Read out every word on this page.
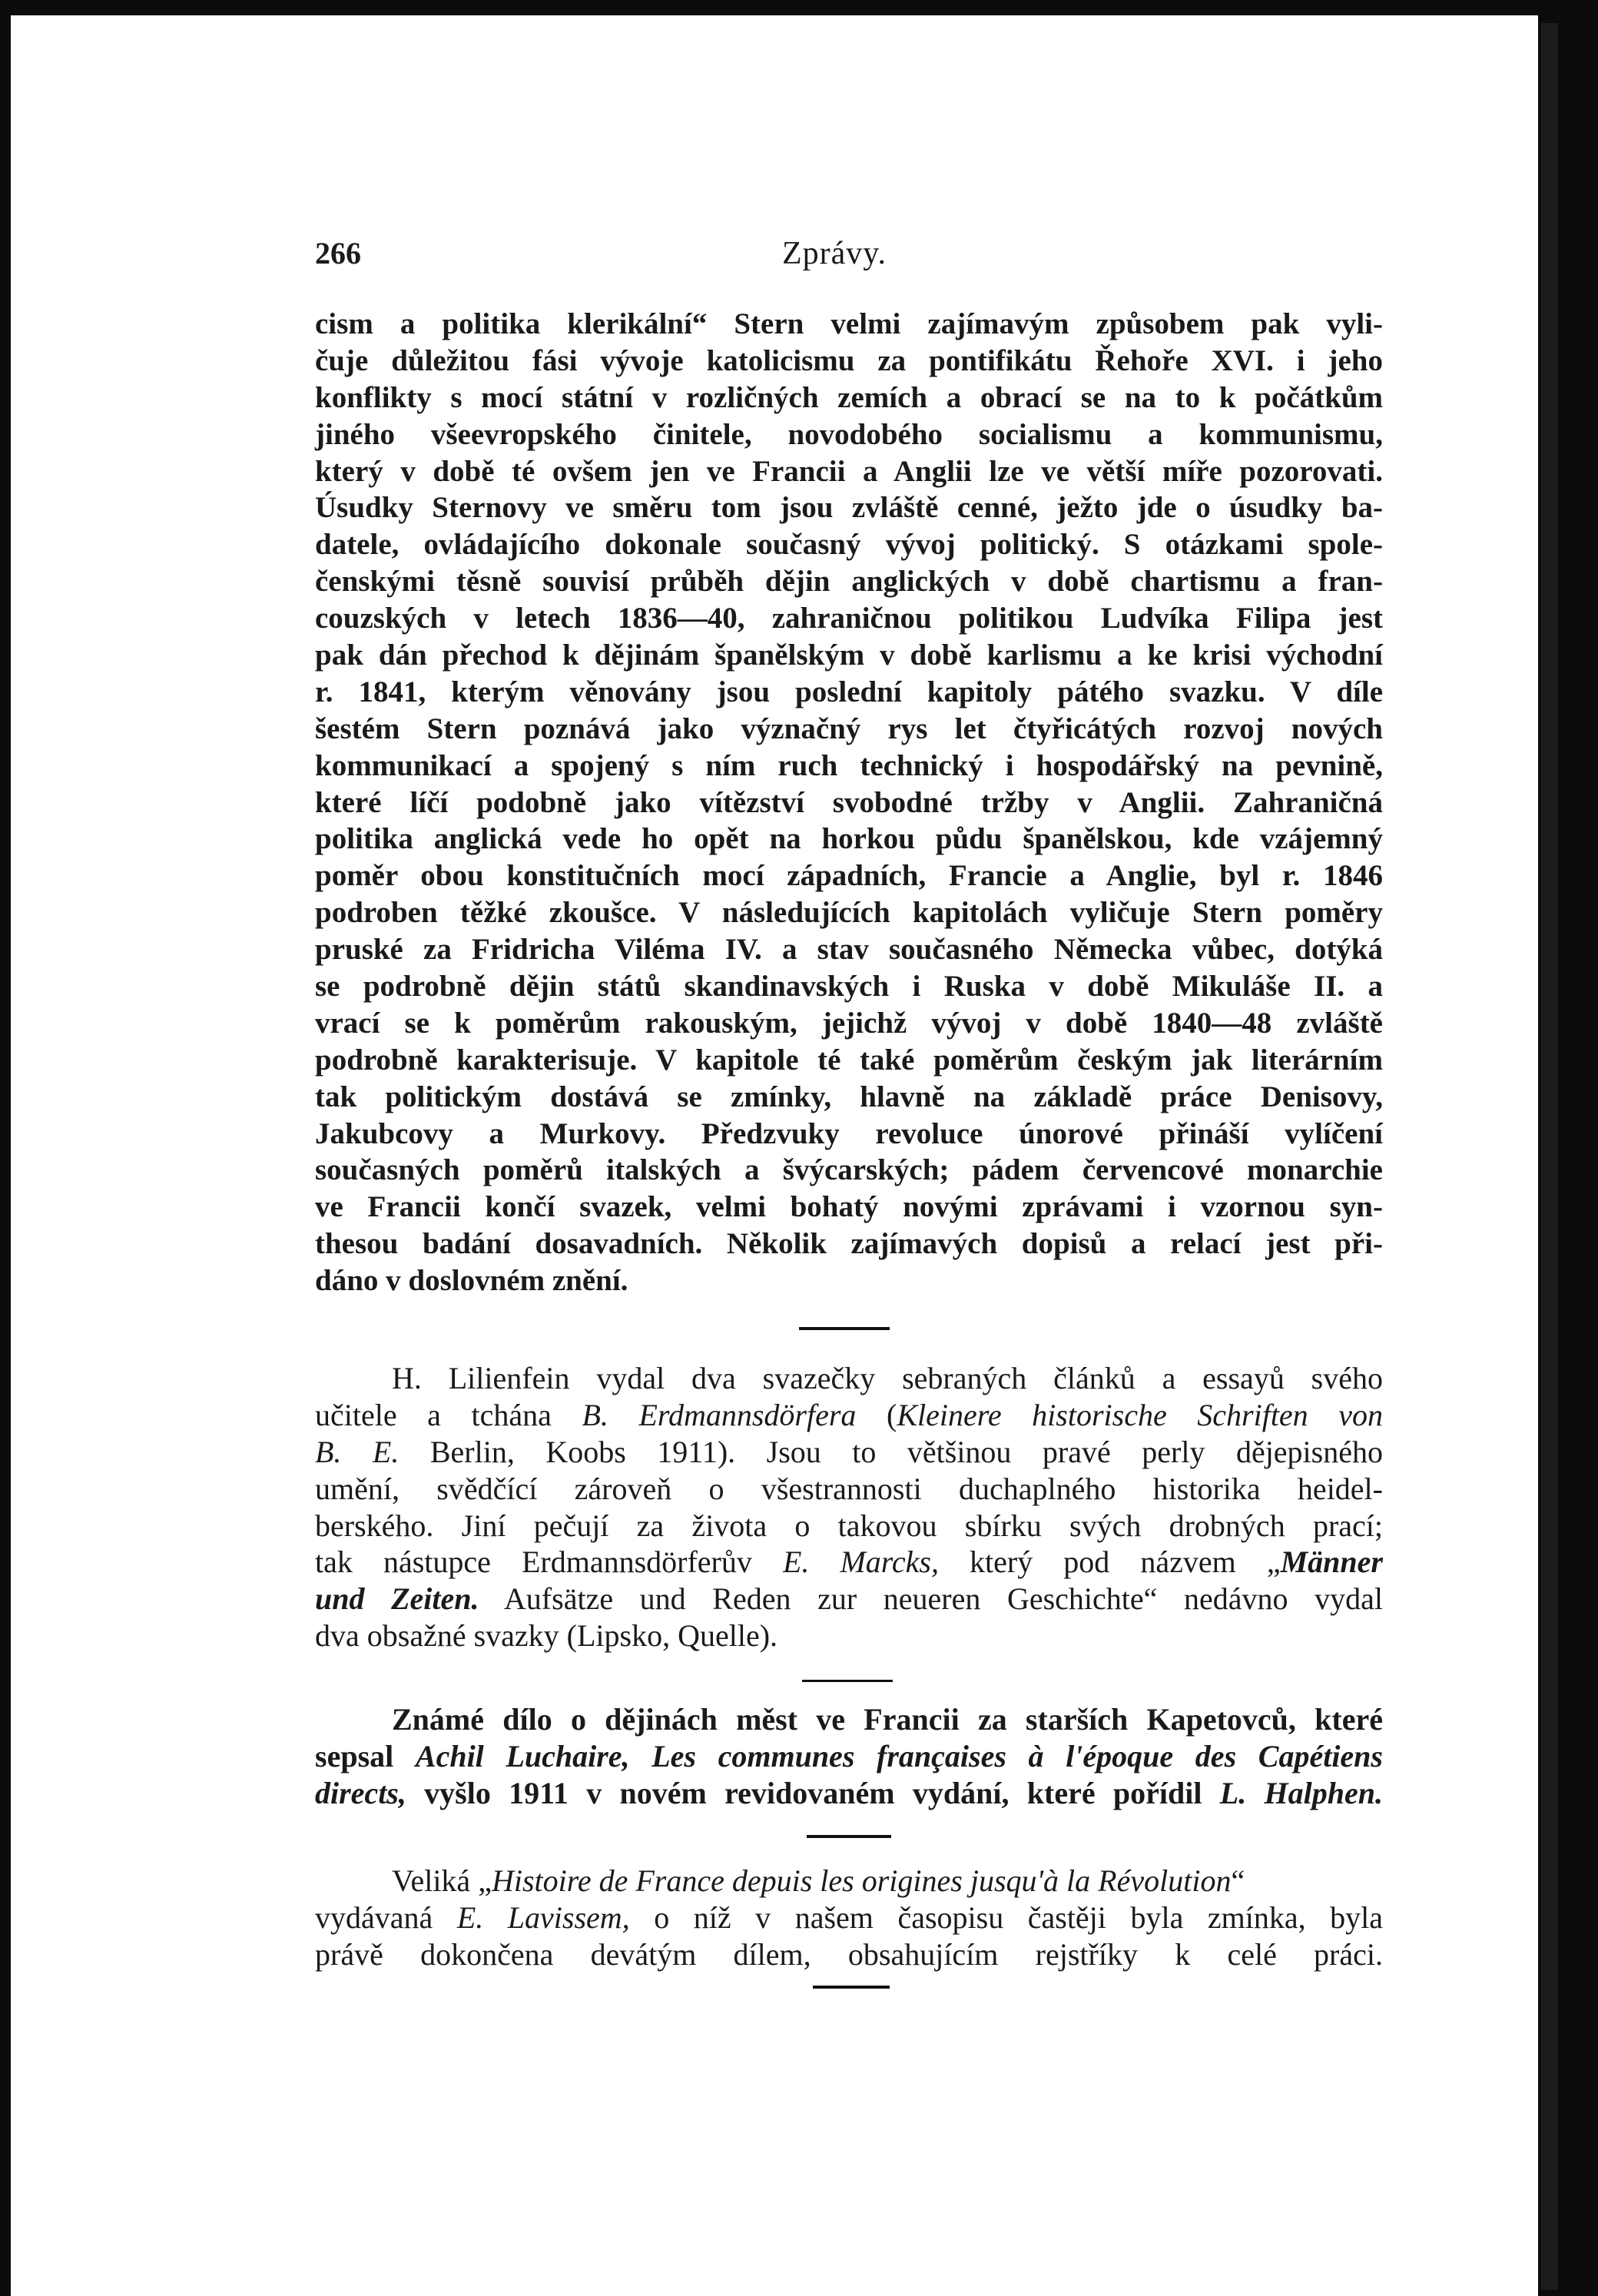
266	Zprávy.
cism a politika klerikální“ Stern velmi zajímavým způsobem pak vyli-
čuje důležitou fási vývoje katolicismu za pontifikátu Řehoře XVI. i jeho
konflikty s mocí státní v rozličných zemích a obrací se na to k počátkům
jiného všeevropského činitele, novodobého socialismu a kommunismu,
který v době té ovšem jen ve Francii a Anglii lze ve větší míře pozorovati.
Úsudky Sternovy ve směru tom jsou zvláště cenné, ježto jde o úsudky ba-
datele, ovládajícího dokonale současný vývoj politický. S otázkami spole-
čenskými těsně souvisí průběh dějin anglických v době chartismu a fran-
couzských v letech 1836—40, zahraničnou politikou Ludvíka Filipa jest
pak dán přechod k dějinám španělským v době karlismu a ke krisi východní
r. 1841, kterým věnovány jsou poslední kapitoly pátého svazku. V díle
šestém Stern poznává jako význačný rys let čtyřicátých rozvoj nových
kommunikací a spojený s ním ruch technický i hospodářský na pevnině,
které líčí podobně jako vítězství svobodné tržby v Anglii. Zahraničná
politika anglická vede ho opět na horkou půdu španělskou, kde vzájemný
poměr obou konstitučních mocí západních, Francie a Anglie, byl r. 1846
podroben těžké zkoušce. V následujících kapitolách vyličuje Stern poměry
pruské za Fridricha Viléma IV. a stav současného Německa vůbec, dotýká
se podrobně dějin států skandinavských i Ruska v době Mikuláše II. a
vrací se k poměrům rakouským, jejichž vývoj v době 1840—48 zvláště
podrobně karakterisuje. V kapitole té také poměrům českým jak literárním
tak politickým dostává se zmínky, hlavně na základě práce Denisovy,
Jakubcovy a Murkovy. Předzvuky revoluce únorové přináší vylíčení
současných poměrů italských a švýcarských; pádem červencové monarchie
ve Francii končí svazek, velmi bohatý novými zprávami i vzornou syn-
thesou badání dosavadních. Několik zajímavých dopisů a relací jest při-
dáno v doslovném znění.
H. Lilienfein vydal dva svazečky sebraných článků a essayů svého
učitele a tchána B. Erdmannsdörfera (Kleinere historische Schriften von
B. E. Berlin, Koobs 1911). Jsou to většinou pravé perly dějepisného
umění, svědčící zároveň o všestrannosti duchaplného historika heidel-
berského. Jiní pečují za života o takovou sbírku svých drobných prací;
tak nástupce Erdmannsdörferův E. Marcks, který pod názvem „Männer
und Zeiten. Aufsätze und Reden zur neueren Geschichte“ nedávno vydal
dva obsažné svazky (Lipsko, Quelle).
Známé dílo o dějinách měst ve Francii za starších Kapetovců, které
sepsal Achil Luchaire, Les communes françaises à l'époque des Capétiens
directs, vyšlo 1911 v novém revidovaném vydání, které pořídil L. Halphen.
Veliká „Histoire de France depuis les origines jusqu'à la Révolution“
vydávaná E. Lavissem, o níž v našem časopisu častěji byla zmínka, byla
právě dokončena devátým dílem, obsahujícím rejstříky k celé práci.
